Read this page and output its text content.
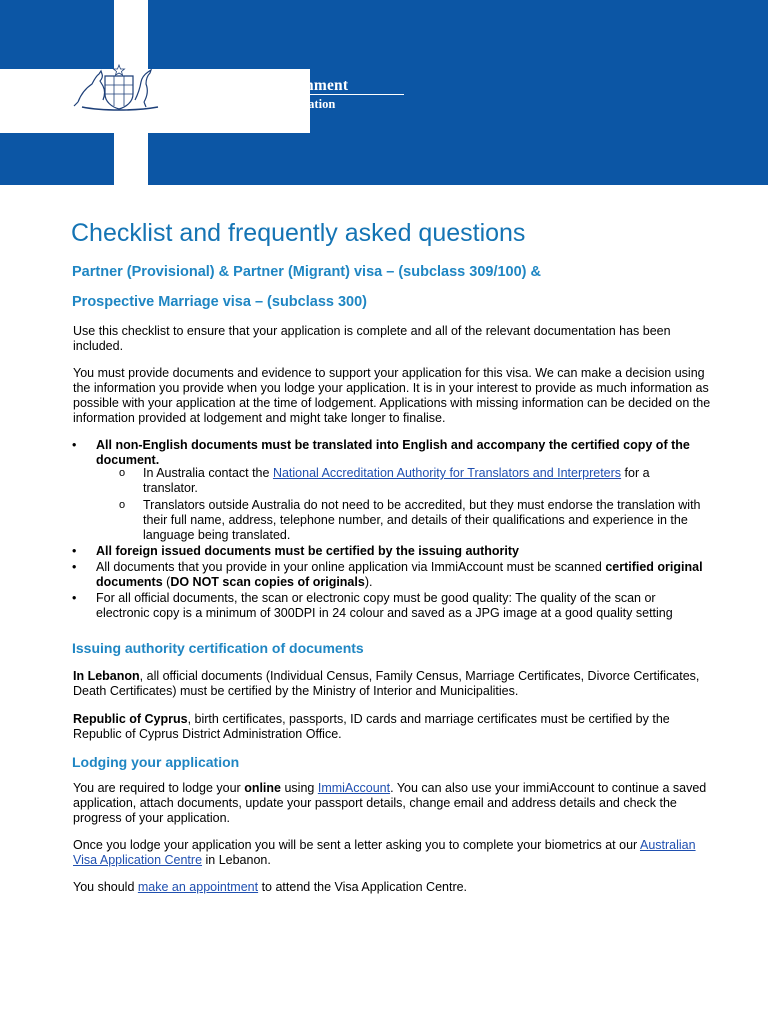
Australian Government
Department of Immigration
and Border Protection
Checklist and frequently asked questions
Partner (Provisional) & Partner (Migrant) visa – (subclass 309/100) &
Prospective Marriage visa – (subclass 300)
Use this checklist to ensure that your application is complete and all of the relevant documentation has been included.
You must provide documents and evidence to support your application for this visa. We can make a decision using the information you provide when you lodge your application. It is in your interest to provide as much information as possible with your application at the time of lodgement. Applications with missing information can be decided on the information provided at lodgement and might take longer to finalise.
• All non-English documents must be translated into English and accompany the certified copy of the document.
o In Australia contact the National Accreditation Authority for Translators and Interpreters for a translator.
o Translators outside Australia do not need to be accredited, but they must endorse the translation with their full name, address, telephone number, and details of their qualifications and experience in the language being translated.
• All foreign issued documents must be certified by the issuing authority
• All documents that you provide in your online application via ImmiAccount must be scanned certified original documents (DO NOT scan copies of originals).
• For all official documents, the scan or electronic copy must be good quality: The quality of the scan or electronic copy is a minimum of 300DPI in 24 colour and saved as a JPG image at a good quality setting
Issuing authority certification of documents
In Lebanon, all official documents (Individual Census, Family Census, Marriage Certificates, Divorce Certificates, Death Certificates) must be certified by the Ministry of Interior and Municipalities.
Republic of Cyprus, birth certificates, passports, ID cards and marriage certificates must be certified by the Republic of Cyprus District Administration Office.
Lodging your application
You are required to lodge your online using ImmiAccount. You can also use your immiAccount to continue a saved application, attach documents, update your passport details, change email and address details and check the progress of your application.
Once you lodge your application you will be sent a letter asking you to complete your biometrics at our Australian Visa Application Centre in Lebanon.
You should make an appointment to attend the Visa Application Centre.
